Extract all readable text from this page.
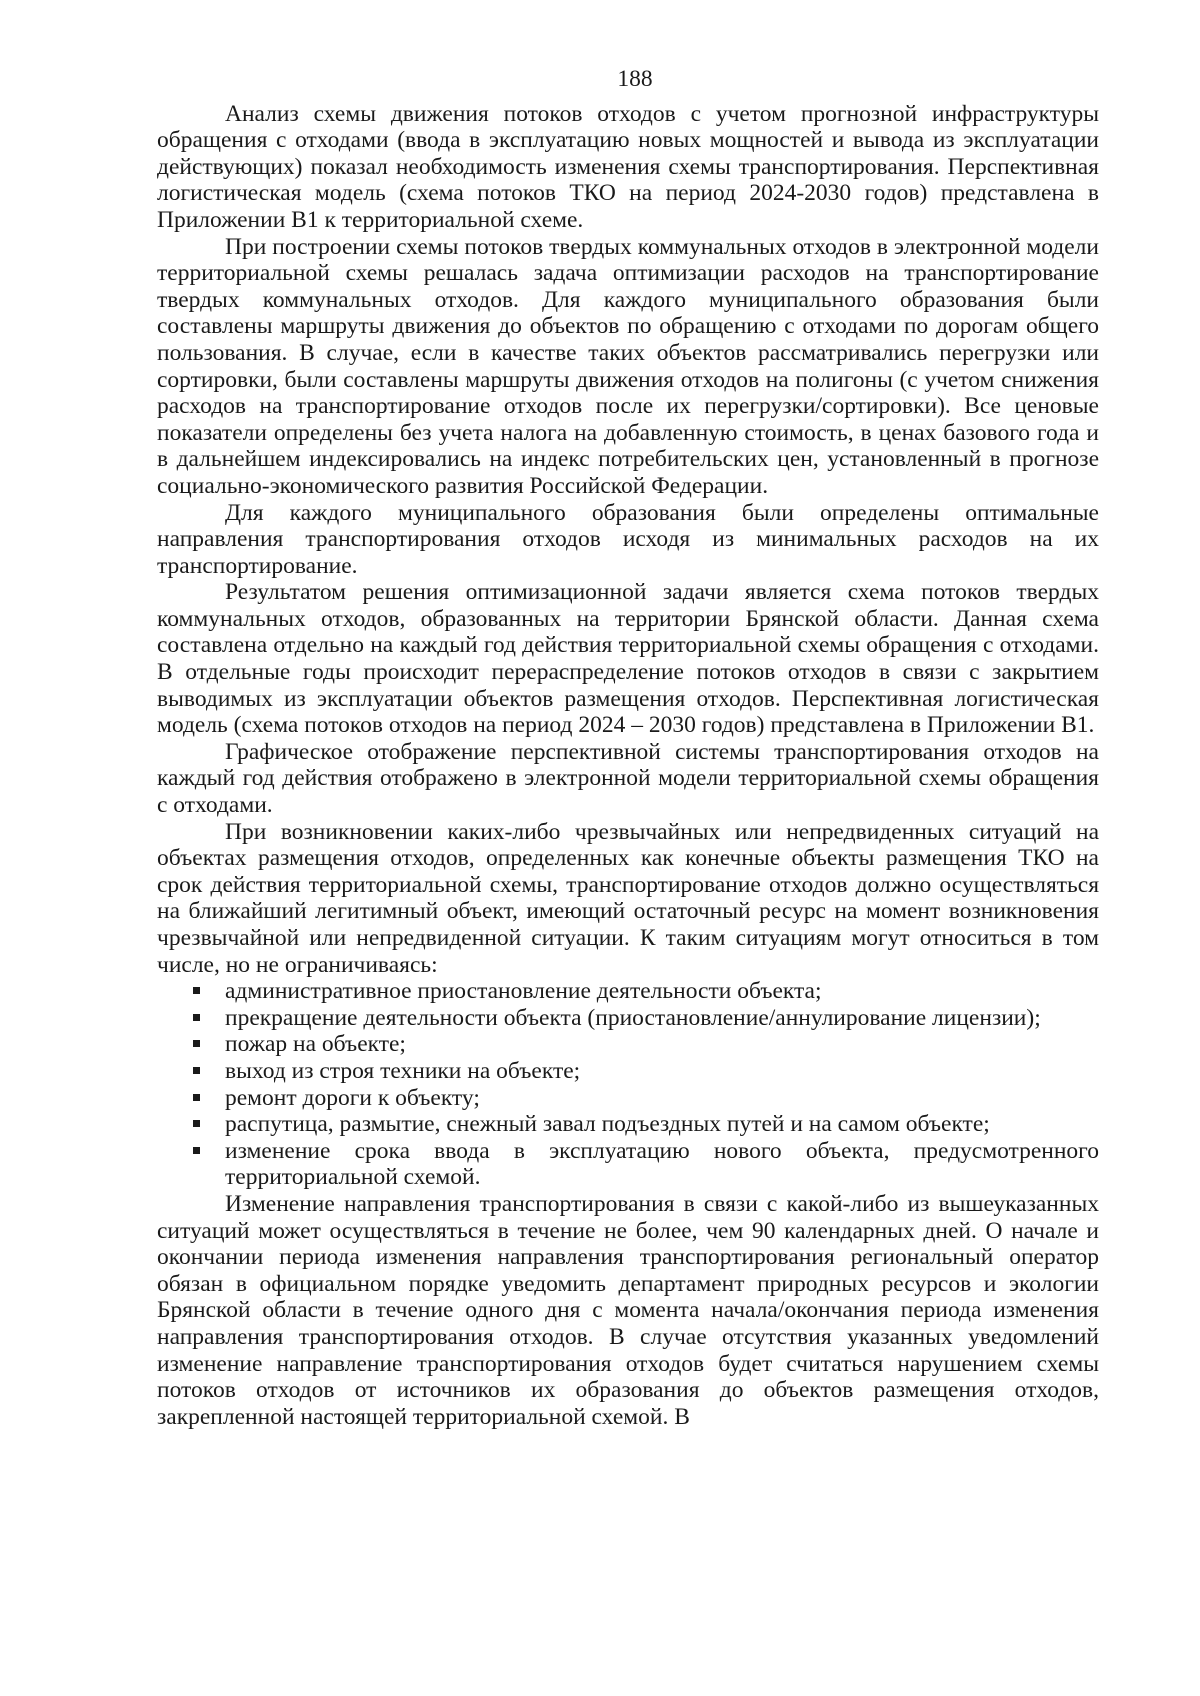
188

Анализ схемы движения потоков отходов с учетом прогнозной инфраструктуры обращения с отходами (ввода в эксплуатацию новых мощностей и вывода из эксплуатации действующих) показал необходимость изменения схемы транспортирования. Перспективная логистическая модель (схема потоков ТКО на период 2024-2030 годов) представлена в Приложении В1 к территориальной схеме.

При построении схемы потоков твердых коммунальных отходов в электронной модели территориальной схемы решалась задача оптимизации расходов на транспортирование твердых коммунальных отходов. Для каждого муниципального образования были составлены маршруты движения до объектов по обращению с отходами по дорогам общего пользования. В случае, если в качестве таких объектов рассматривались перегрузки или сортировки, были составлены маршруты движения отходов на полигоны (с учетом снижения расходов на транспортирование отходов после их перегрузки/сортировки). Все ценовые показатели определены без учета налога на добавленную стоимость, в ценах базового года и в дальнейшем индексировались на индекс потребительских цен, установленный в прогнозе социально-экономического развития Российской Федерации.

Для каждого муниципального образования были определены оптимальные направления транспортирования отходов исходя из минимальных расходов на их транспортирование.

Результатом решения оптимизационной задачи является схема потоков твердых коммунальных отходов, образованных на территории Брянской области. Данная схема составлена отдельно на каждый год действия территориальной схемы обращения с отходами. В отдельные годы происходит перераспределение потоков отходов в связи с закрытием выводимых из эксплуатации объектов размещения отходов. Перспективная логистическая модель (схема потоков отходов на период 2024 – 2030 годов) представлена в Приложении В1.

Графическое отображение перспективной системы транспортирования отходов на каждый год действия отображено в электронной модели территориальной схемы обращения с отходами.

При возникновении каких-либо чрезвычайных или непредвиденных ситуаций на объектах размещения отходов, определенных как конечные объекты размещения ТКО на срок действия территориальной схемы, транспортирование отходов должно осуществляться на ближайший легитимный объект, имеющий остаточный ресурс на момент возникновения чрезвычайной или непредвиденной ситуации. К таким ситуациям могут относиться в том числе, но не ограничиваясь:

административное приостановление деятельности объекта;
прекращение деятельности объекта (приостановление/аннулирование лицензии);
пожар на объекте;
выход из строя техники на объекте;
ремонт дороги к объекту;
распутица, размытие, снежный завал подъездных путей и на самом объекте;
изменение срока ввода в эксплуатацию нового объекта, предусмотренного территориальной схемой.

Изменение направления транспортирования в связи с какой-либо из вышеуказанных ситуаций может осуществляться в течение не более, чем 90 календарных дней. О начале и окончании периода изменения направления транспортирования региональный оператор обязан в официальном порядке уведомить департамент природных ресурсов и экологии Брянской области в течение одного дня с момента начала/окончания периода изменения направления транспортирования отходов. В случае отсутствия указанных уведомлений изменение направление транспортирования отходов будет считаться нарушением схемы потоков отходов от источников их образования до объектов размещения отходов, закрепленной настоящей территориальной схемой. В
